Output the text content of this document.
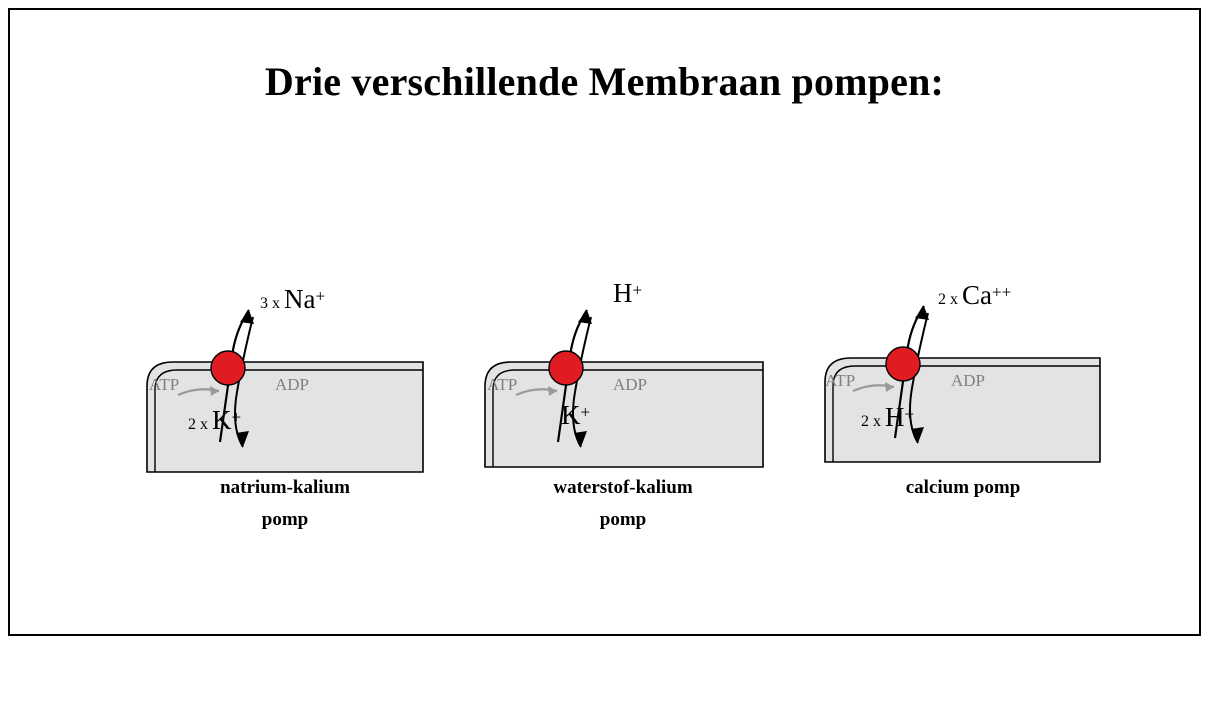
Drie verschillende Membraan pompen:
ATP	ADP
3 x Na+
2 x K+
natrium-kalium
pomp
ATP	ADP
H+
K+
waterstof-kalium
pomp
ATP	ADP
2 x Ca++
2 x H+
calcium pomp
